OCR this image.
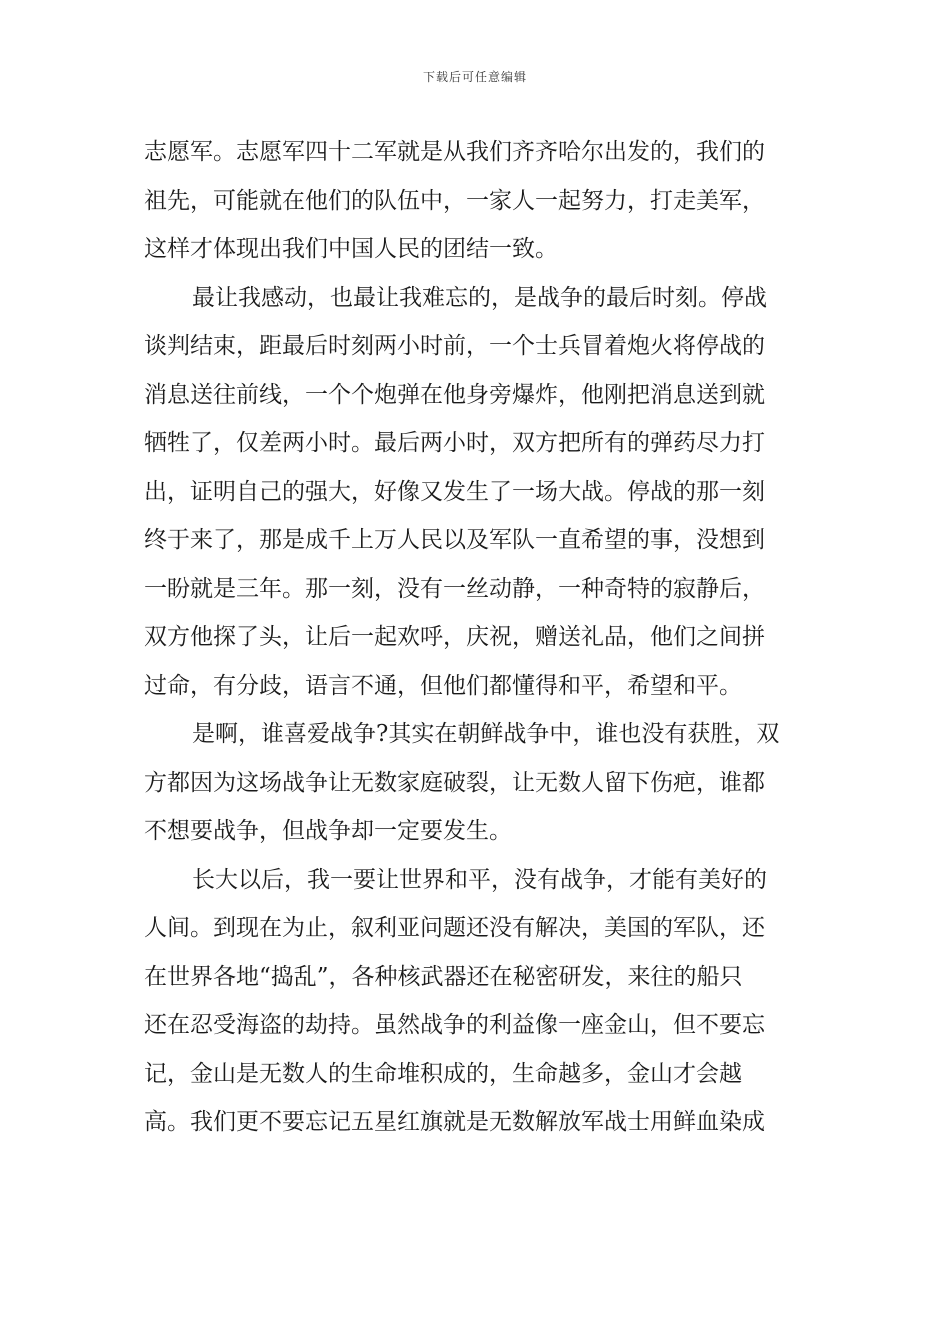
下载后可任意编辑
志愿军。志愿军四十二军就是从我们齐齐哈尔出发的，我们的
祖先，可能就在他们的队伍中，一家人一起努力，打走美军，
这样才体现出我们中国人民的团结一致。
最让我感动，也最让我难忘的，是战争的最后时刻。停战
谈判结束，距最后时刻两小时前，一个士兵冒着炮火将停战的
消息送往前线，一个个炮弹在他身旁爆炸，他刚把消息送到就
牺牲了，仅差两小时。最后两小时，双方把所有的弹药尽力打
出，证明自己的强大，好像又发生了一场大战。停战的那一刻
终于来了，那是成千上万人民以及军队一直希望的事，没想到
一盼就是三年。那一刻，没有一丝动静，一种奇特的寂静后，
双方他探了头，让后一起欢呼，庆祝，赠送礼品，他们之间拼
过命，有分歧，语言不通，但他们都懂得和平，希望和平。
是啊，谁喜爱战争?其实在朝鲜战争中，谁也没有获胜，双
方都因为这场战争让无数家庭破裂，让无数人留下伤疤，谁都
不想要战争，但战争却一定要发生。
长大以后，我一要让世界和平，没有战争，才能有美好的
人间。到现在为止，叙利亚问题还没有解决，美国的军队，还
在世界各地“捣乱”，各种核武器还在秘密研发，来往的船只
还在忍受海盗的劫持。虽然战争的利益像一座金山，但不要忘
记，金山是无数人的生命堆积成的，生命越多，金山才会越
高。我们更不要忘记五星红旗就是无数解放军战士用鲜血染成
